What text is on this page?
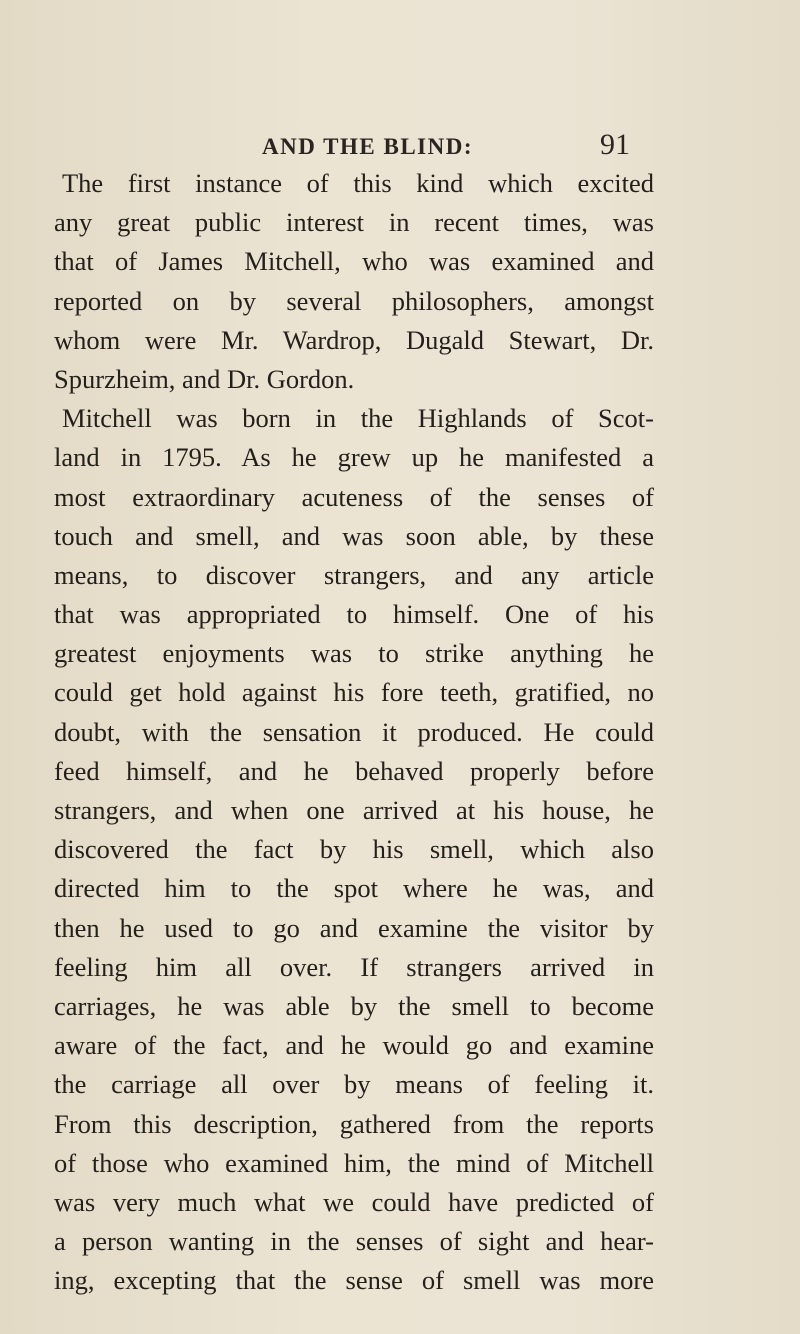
AND THE BLIND:	91
The first instance of this kind which excited
any great public interest in recent times, was
that of James Mitchell, who was examined and
reported on by several philosophers, amongst
whom were Mr. Wardrop, Dugald Stewart, Dr.
Spurzheim, and Dr. Gordon.
Mitchell was born in the Highlands of Scot-
land in 1795. As he grew up he manifested a
most extraordinary acuteness of the senses of
touch and smell, and was soon able, by these
means, to discover strangers, and any article
that was appropriated to himself. One of his
greatest enjoyments was to strike anything he
could get hold against his fore teeth, gratified, no
doubt, with the sensation it produced. He could
feed himself, and he behaved properly before
strangers, and when one arrived at his house, he
discovered the fact by his smell, which also
directed him to the spot where he was, and
then he used to go and examine the visitor by
feeling him all over. If strangers arrived in
carriages, he was able by the smell to become
aware of the fact, and he would go and examine
the carriage all over by means of feeling it.
From this description, gathered from the reports
of those who examined him, the mind of Mitchell
was very much what we could have predicted of
a person wanting in the senses of sight and hear-
ing, excepting that the sense of smell was more
